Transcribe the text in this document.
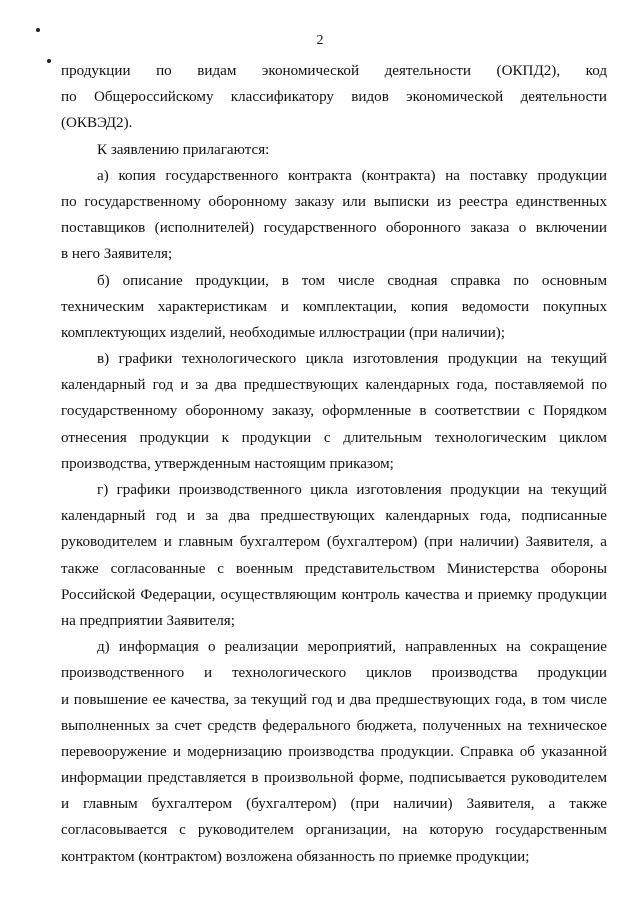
2
продукции по видам экономической деятельности (ОКПД2), код
по Общероссийскому классификатору видов экономической деятельности
(ОКВЭД2).
К заявлению прилагаются:
а) копия государственного контракта (контракта) на поставку продукции
по государственному оборонному заказу или выписки из реестра единственных
поставщиков (исполнителей) государственного оборонного заказа о включении
в него Заявителя;
б) описание продукции, в том числе сводная справка по основным
техническим характеристикам и комплектации, копия ведомости покупных
комплектующих изделий, необходимые иллюстрации (при наличии);
в) графики технологического цикла изготовления продукции на текущий
календарный год и за два предшествующих календарных года, поставляемой по
государственному оборонному заказу, оформленные в соответствии с Порядком
отнесения продукции к продукции с длительным технологическим циклом
производства, утвержденным настоящим приказом;
г) графики производственного цикла изготовления продукции на текущий
календарный год и за два предшествующих календарных года, подписанные
руководителем и главным бухгалтером (бухгалтером) (при наличии) Заявителя, а
также согласованные с военным представительством Министерства обороны
Российской Федерации, осуществляющим контроль качества и приемку продукции
на предприятии Заявителя;
д) информация о реализации мероприятий, направленных на сокращение
производственного и технологического циклов производства продукции
и повышение ее качества, за текущий год и два предшествующих года, в том числе
выполненных за счет средств федерального бюджета, полученных на техническое
перевооружение и модернизацию производства продукции. Справка об указанной
информации представляется в произвольной форме, подписывается руководителем
и главным бухгалтером (бухгалтером) (при наличии) Заявителя, а также
согласовывается с руководителем организации, на которую государственным
контрактом (контрактом) возложена обязанность по приемке продукции;
